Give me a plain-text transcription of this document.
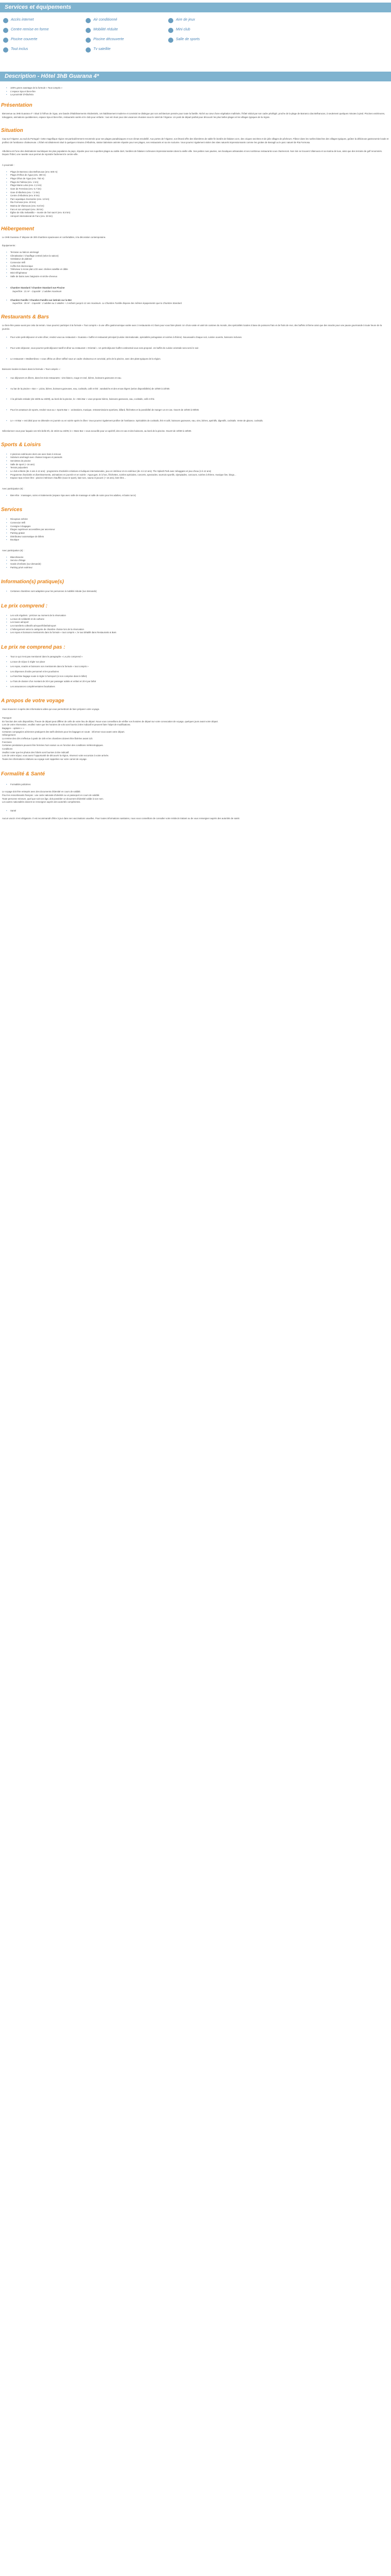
Services et équipements
Accès internet	Air conditionné	Aire de jeux
Centre remise en forme	Mobilité réduite	Mini club
Piscine couverte	Piscine découverte	Salle de sports
Tout inclus	Tv satellite
Description - Hôtel 3hB Guarana 4*
• 100% green avantage de la formule « Tout compris »
• L'espace Spa et bien-être
• La proximité d'Albufeira
Présentation

Bienvenue au 3HB Guarana 4* ! Situé à l'Olhos de Água, une bande d'établissements résidentiels, cet établissement moderne et convivial se distingue par son architecture pensée pour toute la famille. Niché au cœur d'une végétation maîtrisée, l'hôtel séduit par son cadre privilégié, proche de la plage de Barranco das Belharucas, à seulement quelques minutes à pied. Piscines extérieures, toboggans, animations quotidiennes, espace Spa et bien-être, restaurants variés et le club pour enfants : tout est réuni pour des vacances réussies sous le soleil de l'Algarve. Un point de départ parfait pour découvrir les plus belles plages et les villages typiques de la région.

Situation

Cap sur l'Algarve, au sud du Portugal ! Cette magnifique région est particulièrement renommée pour ses plages paradisiaques et son climat ensoleillé. Aux portes de l'Algarve, son littoral offre des kilomètres de sable fin bordés de falaises ocre, des criques secrètes et de jolis villages de pêcheurs. Flânez dans les ruelles blanches des villages typiques, goûtez la délicieuse gastronomie locale et profitez de l'ambiance chaleureuse. L'hôtel est idéalement situé à quelques minutes d'Albufeira, station balnéaire animée réputée pour ses plages, ses restaurants et sa vie nocturne. Vous pourrez également visiter des sites naturels impressionnants comme les grottes de Benagil ou le parc naturel de Ria Formosa.

Albufeira est l'une des destinations touristiques les plus populaires du pays, réputée pour ses superbes plages au sable doré, bordées de falaises rocheuses impressionnantes dans la vieille ville. Ses petites rues pavées, ses boutiques artisanales et ses nombreux restaurants vous charmeront. Non loin se trouvent Vilamoura et sa marina de luxe, ainsi que des terrains de golf renommés. Depuis l'hôtel, une navette vous permet de rejoindre facilement le centre-ville.

À proximité :

• Plage de Barranco das Belharucas (env. 500 m)
• Plage d'Olhos de Água (env. 300 m)
• Plage Olhos de Água (env. 750 m)
• Plage de Falésia (env. 1 km)
• Plage Maria Luísa (env. 2,1 km)
• Gare de Ferreiras (env. 6,7 km)
• Gare d'Albufeira (env. 7,3 km)
• Centre d'Albufeira (env. 8 km)
• Parc aquatique Zoomarine (env. 12 km)
• Ria Formosa (env. 20 km)
• Marina de Vilamoura (env. 9,5 km)
• Faro et son aéroport (env. 35 km)
• Église de São Sebastião – musée de l'art sacré (env. 8,5 km)
• Aéroport international de Faro (env. 33 km)
Hébergement

Le 3HB Guarana 4* dispose de 300 chambres spacieuses et confortables, à la décoration contemporaine.

Équipements :

• Terrasse ou balcon aménagé
• Climatisation / chauffage central (selon la saison)
• Ventilateur de plafond
• Connexion Wifi
• Coffre-fort électronique
• Téléviseur à écran plat LCD avec chaînes satellite et câble
• Mini-réfrigérateur
• Salle de bains avec baignoire et sèche-cheveux
• Chambre Standard / Chambre Standard vue Piscine
Superficie : 21 m² - Capacité : 2 adultes maximum
• Chambre Famille / Chambre Famille vue latérale sur la Mer
Superficie : 35 m² - Capacité : 2 adultes ou 2 adultes + 2 enfants jusqu'à 12 ans maximum. La Chambre Famille dispose des mêmes équipements que la Chambre Standard.
Restaurants & Bars

Le bien-être passe aussi par celui du terrain. Vous pourrez participer à la formule « Tout compris » à une offre gastronomique variée avec 3 restaurants et 3 bars pour vous faire plaisir. Un choix vaste et varié de cuisines du monde, des spécialités locales à base de poissons frais et de fruits de mer, des buffets à thème ainsi que des snacks pour une pause gourmande à toute heure de la journée.

• Pour votre petit-déjeuner et votre dîner, rendez-vous au restaurant « Guarana » buffet et restaurant principal (cuisine internationale, spécialités portugaises et soirées à thème). Nouveautés chaque soir, cuisine ouverte, boissons incluses.
• Pour votre déjeuner, vous pourrez petit-déjeuner tardif et dîner au restaurant « Oriental ». Un petit-déjeuner buffet continental vous sera proposé. Un buffet de cuisine orientale sera servi le soir.
• Le restaurant « Mediterrâneo » vous offrira un dîner raffiné sous un cadre chaleureux et convivial, près de la piscine, avec des plats typiques de la région.

Boissons locales incluses dans la formule « Tout compris » :

• Aux déjeuners et dîners, dans les trois restaurants : vins blancs, rouge et rosé, bières, boissons gazeuses et eau.
• Au bar de la piscine « Bar » : pizza, bières, boissons gazeuses, eau, cocktails, café et thé ; sandwichs et des encas légers (selon disponibilités) de 10h00 à 22h00.
• À la période estivale (de 15/06 au 15/09), au bord de la piscine, le « Mini Bar » vous propose bières, boissons gazeuses, eau, cocktails, café et thé.
• Pour les amateurs de sports, rendez-vous au « Sports Bar » : animations, musique, retransmissions sportives, billard, fléchettes et la possibilité de manger un en-cas. Ouvert de 10h00 à 00h00.
• Le « Hi-Bar » est idéal pour se détendre en journée ou en soirée après le dîner. Vous pourrez également profiter de l'ambiance. Spécialités de cocktails, thé et café, boissons gazeuses, eau, vins, bières, apéritifs, digestifs, cocktails. Vente de glaces, cocktails.

Sélectionnez vous pour laquais ces très belle 8h, de 15/10 au 15/09, le « Mare Bar » vous accueille pour un apéritif, des en-cas et des boissons, au bord de la piscine. Ouvert de 10h00 à 18h00.

Sports & Loisirs
• 2 piscines extérieures dont une avec bain à remous
• Solarium aménagé avec chaises longues et parasols
• Serviettes de piscine
• Salle de sport (+ 16 ans)
• Terrain polyvalent
• Le club enfants (de 4 ans à 12 ans) : programme d'activités créatives et ludiques internationales, jeux en intérieur et en extérieur (de 4 à 12 ans). The Splash Park avec toboggans et jeux d'eau (4 à 12 ans)
• Programme d'activités et divertissements, animations en journée et en soirée : Aqua-gym, tir à l'arc, fléchettes, soirées spéciales, concerts, spectacles, tournois sportifs, olympiades, concours, soirées à thème, musique live, bingo...
• Espace Spa et bien-être : piscine intérieure chauffée (sous le sport), bain turc, sauna et jacuzzi (+ 16 ans), bien-être...

Avec participation (€) :

• Bien-être : massages, soins et traitements (espace Spa avec salle de massage et salle de soins pour les adultes, et bains turcs)
Services
• Réception 24h/24
• Connexion Wifi
• Consigne à bagages
• Étages supérieurs accessibles par ascenseur
• Parking gratuit
• Distributeur automatique de billets
• Boutique

Avec participation (€) :

• Blanchisserie
• Service d'étage
• Garde d'enfants (sur demande)
• Parking privé extérieur
Information(s) pratique(s)
• Certaines chambres sont adaptées pour les personnes à mobilité réduite (sur demande)
Le prix comprend :
• Les vols réguliers : préciser au moment de la réservation
• La taxe de solidarité et de carbone
• Les taxes aéroport
• Les transferts collectifs aéroport/hôtel/aéroport
• L'hébergement selon la catégorie de chambre choisie lors de la réservation
• Les repas et boissons mentionnés dans la formule « tout compris »; le tout détaillé dans Restaurants & Bars
Le prix ne comprend pas :
• Tout ce qui n'est pas mentionné dans le paragraphe « Le prix comprend »
• La taxe de séjour à régler sur place
• Les repas, snacks et boissons non mentionnés dans la formule « tout compris »
• Les dépenses d'ordre personnel et les pourboires
• La franchise bagage soute à régler à l'aéroport (si non comprise dans le billet)
• Le frais de dossier d'un montant de 30 € par passager adulte et enfant et 20 € par bébé
• Les assurances complémentaires facultatives
A propos de votre voyage

Vous trouverez ci-après des informations utiles qui vous permettront de bien préparer votre voyage.

Transport

En fonction des vols disponibles, l'heure de départ peut différer de celle de votre lieu de départ. Nous vous conseillons de vérifier vos horaires de départ sur votre convocation de voyage, quelques jours avant votre départ.

Lors de votre réservation, veuillez noter que les horaires de vols sont fournis à titre indicatif et peuvent faire l'objet de modifications.

Bagages – options « »

Certaines compagnies aériennes pratiquent des tarifs distincts pour les bagages en soute : informez-vous avant votre départ.

Hébergement

La remise des clés s'effectue à partir de 15h et les chambres doivent être libérées avant 11h.

Fonctions

Certaines prestations peuvent être fermées hors saison ou en fonction des conditions météorologiques.

Conditions

Veuillez noter que les photos des hôtels sont fournies à titre indicatif.

Lors de votre séjour, vous aurez l'opportunité de découvrir la région, réservez votre excursion à votre arrivée.

Toutes les informations relatives au voyage sont rappelées sur votre carnet de voyage.

Formalité & Santé
• Formalités policières

Le voyage doit être entrepris avec des documents d'identité en cours de validité.

Pour les ressortissants français : une carte nationale d'identité ou un passeport en cours de validité.

Toute personne mineure, quel que soit son âge, doit posséder un document d'identité valide à son nom.

Les autres nationalités doivent se renseigner auprès des autorités compétentes.

• Santé

Aucun vaccin n'est obligatoire. Il est recommandé d'être à jour dans ses vaccinations usuelles. Pour toutes informations sanitaires, nous vous conseillons de consulter votre médecin traitant ou de vous renseigner auprès des autorités de santé.
